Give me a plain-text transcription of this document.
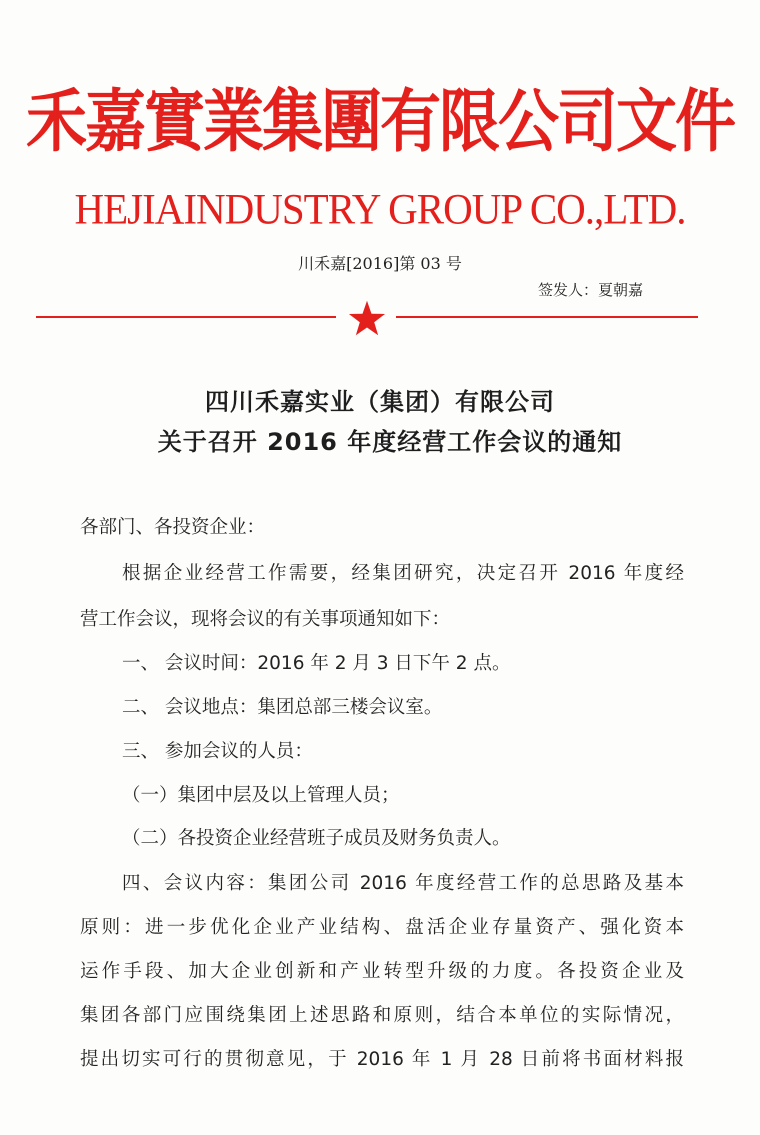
禾嘉實業集團有限公司文件
HEJIAINDUSTRY GROUP CO.,LTD.
川禾嘉[2016]第 03 号
签发人：夏朝嘉
四川禾嘉实业（集团）有限公司
关于召开 2016 年度经营工作会议的通知
各部门、各投资企业：
根据企业经营工作需要，经集团研究，决定召开 2016 年度经
营工作会议，现将会议的有关事项通知如下：
一、 会议时间：2016 年 2 月 3 日下午 2 点。
二、 会议地点：集团总部三楼会议室。
三、 参加会议的人员：
（一）集团中层及以上管理人员；
（二）各投资企业经营班子成员及财务负责人。
四、会议内容：集团公司 2016 年度经营工作的总思路及基本
原则：进一步优化企业产业结构、盘活企业存量资产、强化资本
运作手段、加大企业创新和产业转型升级的力度。各投资企业及
集团各部门应围绕集团上述思路和原则，结合本单位的实际情况，
提出切实可行的贯彻意见，于 2016 年 1 月 28 日前将书面材料报
